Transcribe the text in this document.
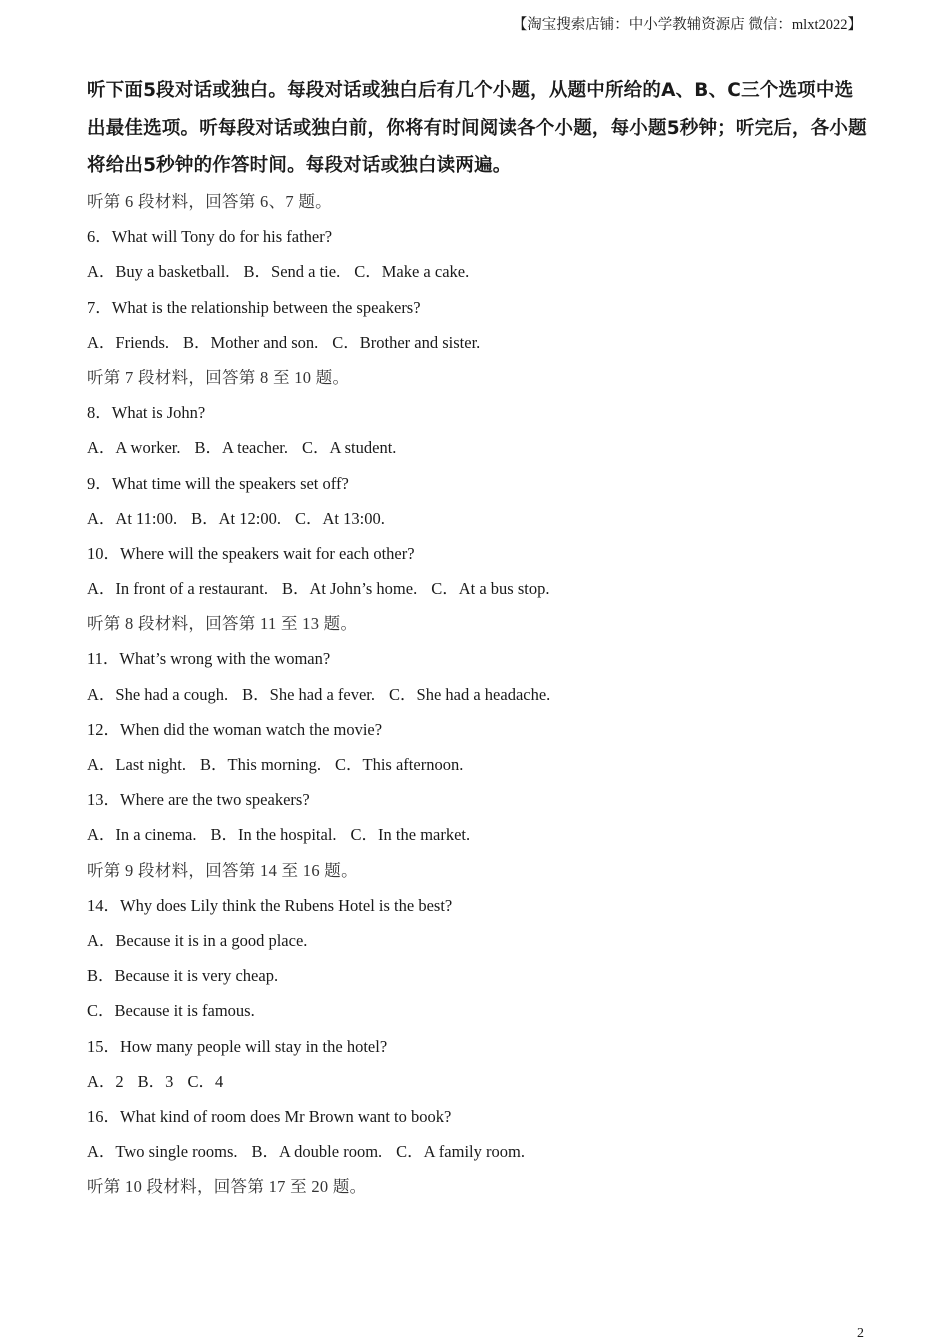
【淘宝搜索店铺：中小学教辅资源店 微信：mlxt2022】
听下面5段对话或独白。每段对话或独白后有几个小题，从题中所给的A、B、C三个选项中选出最佳选项。听每段对话或独白前，你将有时间阅读各个小题，每小题5秒钟；听完后，各小题将给出5秒钟的作答时间。每段对话或独白读两遍。
听第 6 段材料，回答第 6、7 题。
6．What will Tony do for his father?
A．Buy a basketball. B．Send a tie. C．Make a cake.
7．What is the relationship between the speakers?
A．Friends. B．Mother and son. C．Brother and sister.
听第 7 段材料，回答第 8 至 10 题。
8．What is John?
A．A worker. B．A teacher. C．A student.
9．What time will the speakers set off?
A．At 11:00. B．At 12:00. C．At 13:00.
10．Where will the speakers wait for each other?
A．In front of a restaurant. B．At John’s home. C．At a bus stop.
听第 8 段材料，回答第 11 至 13 题。
11．What’s wrong with the woman?
A．She had a cough. B．She had a fever. C．She had a headache.
12．When did the woman watch the movie?
A．Last night. B．This morning. C．This afternoon.
13．Where are the two speakers?
A．In a cinema. B．In the hospital. C．In the market.
听第 9 段材料，回答第 14 至 16 题。
14．Why does Lily think the Rubens Hotel is the best?
A．Because it is in a good place.
B．Because it is very cheap.
C．Because it is famous.
15．How many people will stay in the hotel?
A．2 B．3 C．4
16．What kind of room does Mr Brown want to book?
A．Two single rooms. B．A double room. C．A family room.
听第 10 段材料，回答第 17 至 20 题。
2
